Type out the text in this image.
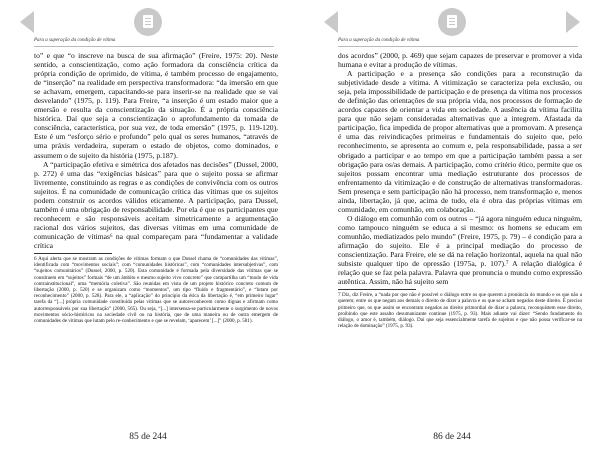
Para a superação da condição de vítima

to” e que “o inscreve na busca de sua afirmação” (Freire, 1975: 20). Neste sentido, a conscientização, como ação formadora da consciência crítica da própria condição de oprimido, de vítima, é também processo de engajamento, de “inserção” na realidade em perspectiva transformadora: “da imersão em que se achavam, emergem, capacitando-se para inserir-se na realidade que se vai desvelando” (1975, p. 119). Para Freire, “a inserção é um estado maior que a emersão e resulta da conscientização da situação. É a própria consciência histórica. Daí que seja a conscientização o aprofundamento da tomada de consciência, característica, por sua vez, de toda emersão” (1975, p. 119-120). Este é um “esforço sério e profundo” pelo qual os seres humanos, “através de uma práxis verdadeira, superam o estado de objetos, como dominados, e assumem o de sujeito da história (1975, p.187).

A “participação efetiva e simétrica dos afetados nas decisões” (Dussel, 2000, p. 272) é uma das “exigências básicas” para que o sujeito possa se afirmar livremente, constituindo as regras e as condições de convivência com os outros sujeitos. É na comunidade de comunicação crítica das vítimas que os sujeitos podem construir os acordos válidos eticamente. A participação, para Dussel, também é uma obrigação de responsabilidade. Por ela é que os participantes que reconhecem e são responsáveis aceitam simetricamente a argumentação racional dos vários sujeitos, das diversas vítimas em uma comunidade de comunicação de vítimas⁶ na qual compareçam para “fundamentar a validade crítica

6 Aqui alerta que se mostram as condições de vítimas formam o que Dussel chama de “comunidades das vítimas”, identificada com “movimentos sociais”; com “comunidades históricas”, com “comunidades intersubjetivas”, com “sujeitos comunitários” (Dussel, 2000, p. 520). Esta comunidade é formada pela diversidade das vítimas que se constituem em “sujeitos” formais “de um âmbito e mesmo sujeito vivo concreto” que compartilha um “modo de vida contrainstitucional”, uma “memória coletiva”. São reunidas em vista de um projeto histórico concreto comum de libertação (2000, p. 520) e se organizam como “momentos”, um tipo “fluido e fragmentário”, e “lutam por reconhecimento” (2000, p. 528). Para ele, a “aplicação” do princípio da ética da libertação é, “em primeiro lugar” tarefa da “[...] própria comunidade constituída pelas vítimas que se autoreconhecem como dignas e afirmam como autorresponsáveis por sua libertação” (2000, 565). Ou seja, “[...] intersensa-se particularmente o surgimento de novos movimentos sócio-históricos na sociedade civil ou na história, que de uma maneira ou de outra emergem de comunidades de vítimas que lutam pelo re-conhecimento e que se revelam, ‘aparecem’ [...]” (2000, p. 581).

85 de 244
Para a superação da condição de vítima

dos acordos” (2000, p. 469) que sejam capazes de preservar e promover a vida humana e evitar a produção de vítimas.

A participação e a presença são condições para a reconstrução da subjetividade desde a vítima. A vitimização se caracteriza pela exclusão, ou seja, pela impossibilidade de participação e de presença da vítima nos processos de definição das orientações de sua própria vida, nos processos de formação de acordos capazes de orientar a vida em sociedade. A ausência da vítima facilita para que não sejam consideradas alternativas que a integrem. Afastada da participação, fica impedida de propor alternativas que a promovam. A presença é uma das reivindicações primeiras e fundamentais do sujeito que, pelo reconhecimento, se apresenta ao comum e, pela responsabilidade, passa a ser obrigado a participar e ao tempo em que a participação também passa a ser obrigação para os/as demais. A participação, como critério ético, permite que os sujeitos possam encontrar uma mediação estruturante dos processos de enfrentamento da vitimização e de construção de alternativas transformadoras. Sem presença e sem participação não há processo, nem transformação e, menos ainda, libertação, já que, acima de tudo, ela é obra das próprias vítimas em comunidade, em comunhão, em colaboração.

O diálogo em comunhão com os outros – “já agora ninguém educa ninguém, como tampouco ninguém se educa a si mesmo: os homens se educam em comunhão, mediatizados pelo mundo” (Freire, 1975, p. 79) – é condição para a afirmação do sujeito. Ele é a principal mediação do processo de conscientização. Para Freire, ele se dá na relação horizontal, aquela na qual não subsiste qualquer tipo de opressão (1975a, p. 107).⁷ A relação dialógica é relação que se faz pela palavra. Palavra que pronuncia o mundo como expressão autêntica. Assim, não há sujeito sem

7 Diz, diz Freire, a “nada por que não é possível o diálogo entre os que querem a pronúncia do mundo e os que não a querem; entre os que negam aos demais o direito de dizer a palavra e os que se acham negados deste direito. É preciso primeiro que, os que assim se encontram negados ao direito primordial de dizer a palavra, reconquistem esse direito, proibindo que este assalto desumanizante continue (1975, p. 93). Mais adiante vai dizer: “Sendo fundamento do diálogo, o amor é, também, diálogo. Daí que seja essencialmente tarefa de sujeitos e que não possa verificar-se na relação de dominação” (1975, p. 93).

86 de 244
